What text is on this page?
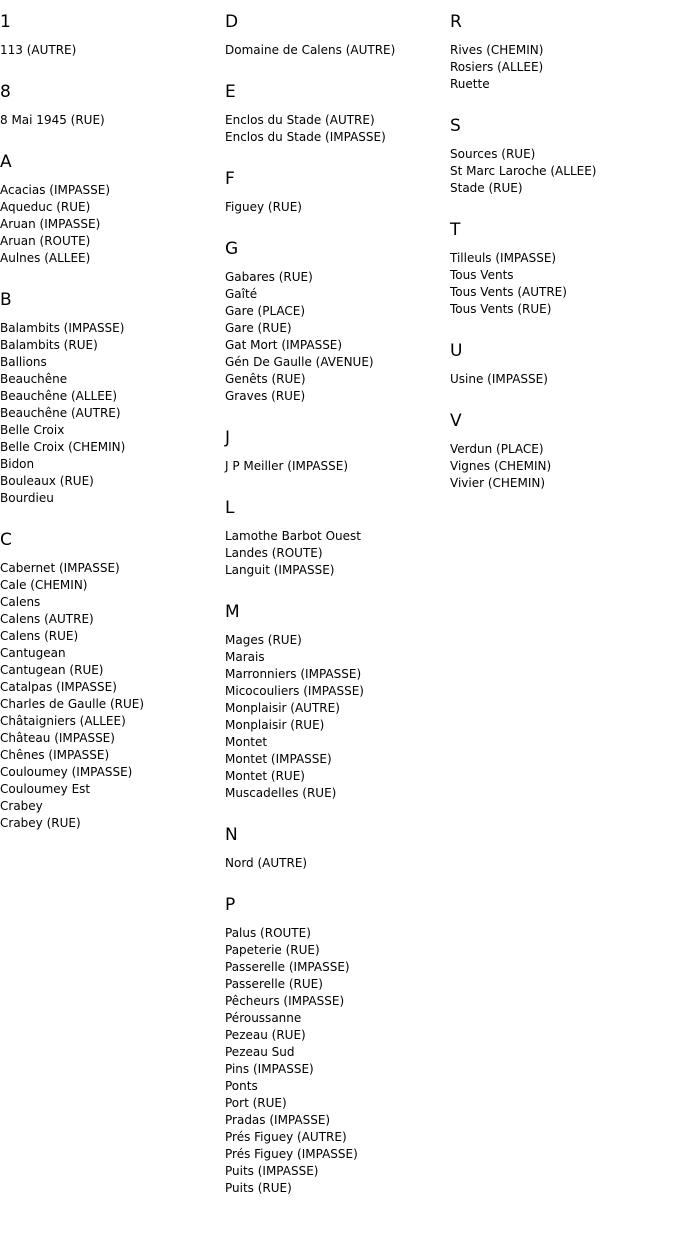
1
113 (AUTRE)
8
8 Mai 1945 (RUE)
A
Acacias (IMPASSE)
Aqueduc (RUE)
Aruan (IMPASSE)
Aruan (ROUTE)
Aulnes (ALLEE)
B
Balambits (IMPASSE)
Balambits (RUE)
Ballions
Beauchêne
Beauchêne (ALLEE)
Beauchêne (AUTRE)
Belle Croix
Belle Croix (CHEMIN)
Bidon
Bouleaux (RUE)
Bourdieu
C
Cabernet (IMPASSE)
Cale (CHEMIN)
Calens
Calens (AUTRE)
Calens (RUE)
Cantugean
Cantugean (RUE)
Catalpas (IMPASSE)
Charles de Gaulle (RUE)
Châtaigniers (ALLEE)
Château (IMPASSE)
Chênes (IMPASSE)
Couloumey (IMPASSE)
Couloumey Est
Crabey
Crabey (RUE)
D
Domaine de Calens (AUTRE)
E
Enclos du Stade (AUTRE)
Enclos du Stade (IMPASSE)
F
Figuey (RUE)
G
Gabares (RUE)
Gaîté
Gare (PLACE)
Gare (RUE)
Gat Mort (IMPASSE)
Gén De Gaulle (AVENUE)
Genêts (RUE)
Graves (RUE)
J
J P Meiller (IMPASSE)
L
Lamothe Barbot Ouest
Landes (ROUTE)
Languit (IMPASSE)
M
Mages (RUE)
Marais
Marronniers (IMPASSE)
Micocouliers (IMPASSE)
Monplaisir (AUTRE)
Monplaisir (RUE)
Montet
Montet (IMPASSE)
Montet (RUE)
Muscadelles (RUE)
N
Nord (AUTRE)
P
Palus (ROUTE)
Papeterie (RUE)
Passerelle (IMPASSE)
Passerelle (RUE)
Pêcheurs (IMPASSE)
Péroussanne
Pezeau (RUE)
Pezeau Sud
Pins (IMPASSE)
Ponts
Port (RUE)
Pradas (IMPASSE)
Prés Figuey (AUTRE)
Prés Figuey (IMPASSE)
Puits (IMPASSE)
Puits (RUE)
R
Rives (CHEMIN)
Rosiers (ALLEE)
Ruette
S
Sources (RUE)
St Marc Laroche (ALLEE)
Stade (RUE)
T
Tilleuls (IMPASSE)
Tous Vents
Tous Vents (AUTRE)
Tous Vents (RUE)
U
Usine (IMPASSE)
V
Verdun (PLACE)
Vignes (CHEMIN)
Vivier (CHEMIN)
